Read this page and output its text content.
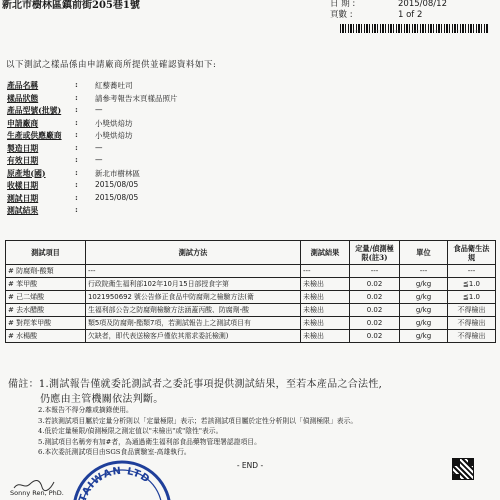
新北市樹林區鎮前街205巷1號	日 期 :	2015/08/12
頁數 :	1 of 2
以下測試之樣品係由申請廠商所提供並確認資料如下:
產品名稱	: 紅藜蕎吐司
樣品狀態	: 請參考報告末頁樣品照片
產品型號(批號) : —
申請廠商	: 小獎烘焙坊
生產或供應廠商 : 小獎烘焙坊
製造日期	: —
有效日期	: —
原產地(國)	: 新北市樹林區
收樣日期	: 2015/08/05
測試日期	: 2015/08/05
測試結果	:
測試項目	測試方法	測試結果	定量/偵測極限(註3)	單位	食品衛生法規
# 防腐劑-酸類	---	---	---	---	---
# 苯甲酸	行政院衛生福利部102年10月15日部授食字第	未檢出	0.02	g/kg	≦1.0
# 己二烯酸	1021950692 號公告修正食品中防腐劑之檢驗方法(衛	未檢出	0.02	g/kg	≦1.0
# 去水醋酸	生福利部公告之防腐劑檢驗方法涵蓋丙酸、防腐劑-酸	未檢出	0.02	g/kg	不得檢出
# 對羥苯甲酸	類5項及防腐劑-酯類7項，若測試報告上之測試項目有	未檢出	0.02	g/kg	不得檢出
# 水楊酸	欠缺者，即代表送檢客戶僅依其需求委託檢測)	未檢出	0.02	g/kg	不得檢出
備註：1.測試報告僅就委託測試者之委託事項提供測試結果，至若本產品之合法性,
仍應由主管機關依法判斷。
2.本報告不得分離或摘錄使用。
3.若該測試項目屬於定量分析則以「定量極限」表示；若該測試項目屬於定性分析則以「偵測極限」表示。
4.低於定量極限/偵測極限之測定值以"未檢出"或"陰性"表示。
5.測試項目名稱旁有加#者，為通過衛生福利部食品藥物管理署認證項目。
6.本次委託測試項目由SGS食品實驗室-高雄執行。
- END -
Sonny Ren, PhD.
TAIWAN LTD
